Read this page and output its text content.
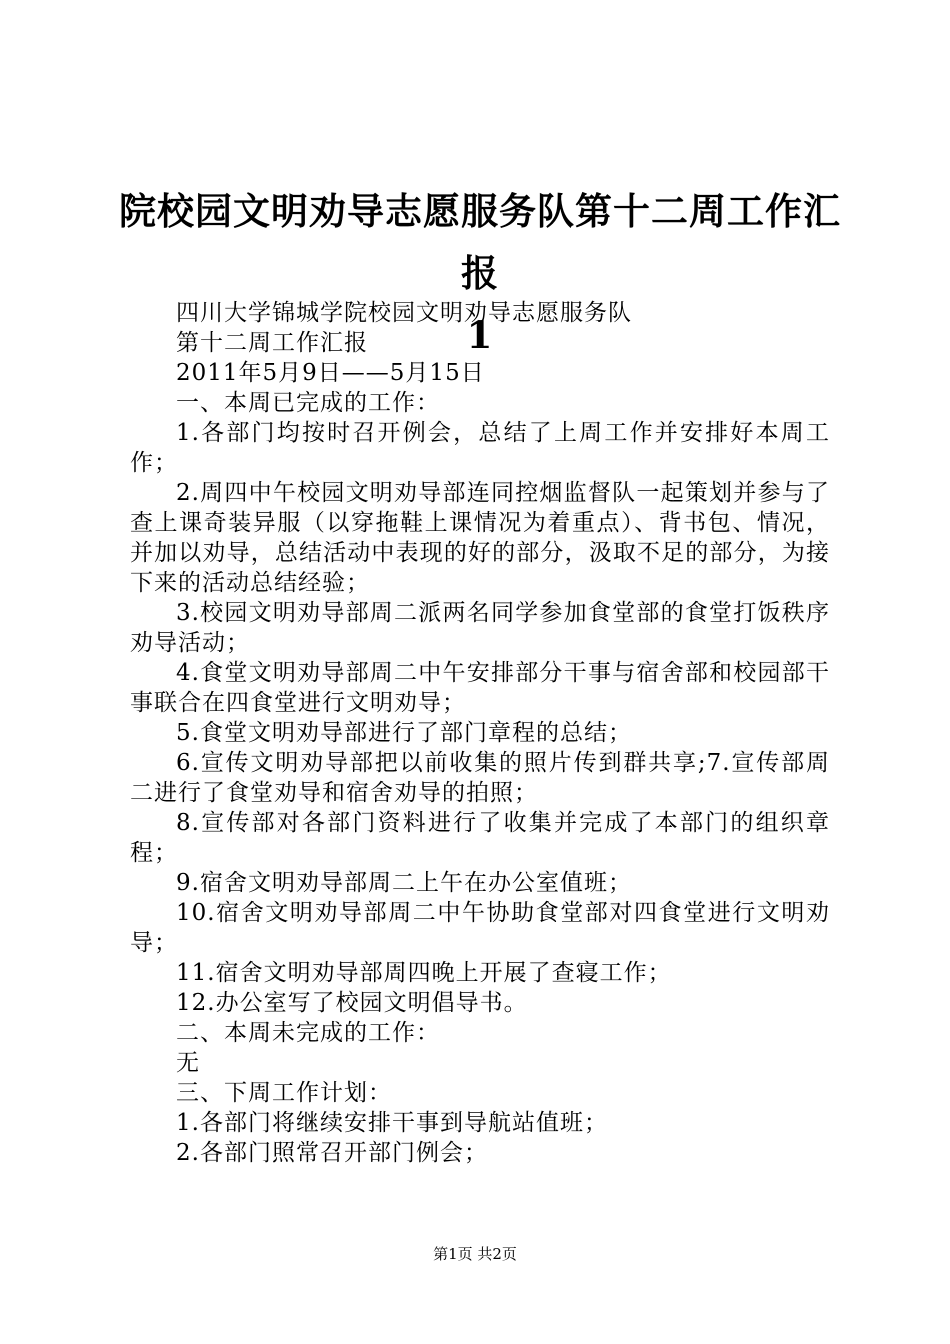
院校园文明劝导志愿服务队第十二周工作汇报
1

四川大学锦城学院校园文明劝导志愿服务队

第十二周工作汇报

2011年5月9日——5月15日

一、本周已完成的工作：

1.各部门均按时召开例会，总结了上周工作并安排好本周工作；

2.周四中午校园文明劝导部连同控烟监督队一起策划并参与了查上课奇装异服（以穿拖鞋上课情况为着重点）、背书包、情况，并加以劝导，总结活动中表现的好的部分，汲取不足的部分，为接下来的活动总结经验；

3.校园文明劝导部周二派两名同学参加食堂部的食堂打饭秩序劝导活动；

4.食堂文明劝导部周二中午安排部分干事与宿舍部和校园部干事联合在四食堂进行文明劝导；

5.食堂文明劝导部进行了部门章程的总结；

6.宣传文明劝导部把以前收集的照片传到群共享;7.宣传部周二进行了食堂劝导和宿舍劝导的拍照；

8.宣传部对各部门资料进行了收集并完成了本部门的组织章程；

9.宿舍文明劝导部周二上午在办公室值班；

10.宿舍文明劝导部周二中午协助食堂部对四食堂进行文明劝导；

11.宿舍文明劝导部周四晚上开展了查寝工作；

12.办公室写了校园文明倡导书。

二、本周未完成的工作：

无

三、下周工作计划：

1.各部门将继续安排干事到导航站值班；

2.各部门照常召开部门例会；

第1页 共2页
